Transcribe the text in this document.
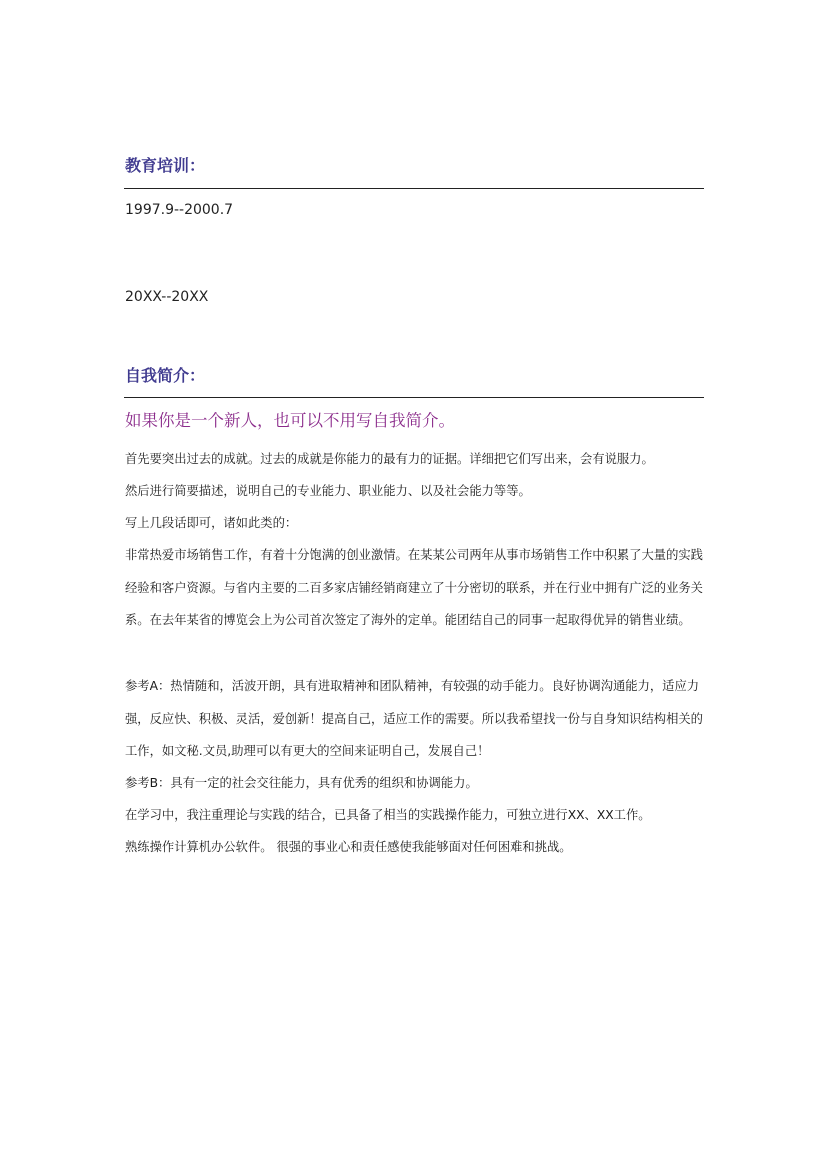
教育培训：
1997.9--2000.7
20XX--20XX
自我简介：

如果你是一个新人，也可以不用写自我简介。

首先要突出过去的成就。过去的成就是你能力的最有力的证据。详细把它们写出来，会有说服力。

然后进行简要描述，说明自己的专业能力、职业能力、以及社会能力等等。

写上几段话即可，诸如此类的：

非常热爱市场销售工作，有着十分饱满的创业激情。在某某公司两年从事市场销售工作中积累了大量的实践经验和客户资源。与省内主要的二百多家店铺经销商建立了十分密切的联系，并在行业中拥有广泛的业务关系。在去年某省的博览会上为公司首次签定了海外的定单。能团结自己的同事一起取得优异的销售业绩。

参考A：热情随和，活波开朗，具有进取精神和团队精神，有较强的动手能力。良好协调沟通能力，适应力强，反应快、积极、灵活，爱创新！提高自己，适应工作的需要。所以我希望找一份与自身知识结构相关的工作，如文秘.文员,助理可以有更大的空间来证明自己，发展自己！

参考B：具有一定的社会交往能力，具有优秀的组织和协调能力。

在学习中，我注重理论与实践的结合，已具备了相当的实践操作能力，可独立进行XX、XX工作。

熟练操作计算机办公软件。 很强的事业心和责任感使我能够面对任何困难和挑战。
